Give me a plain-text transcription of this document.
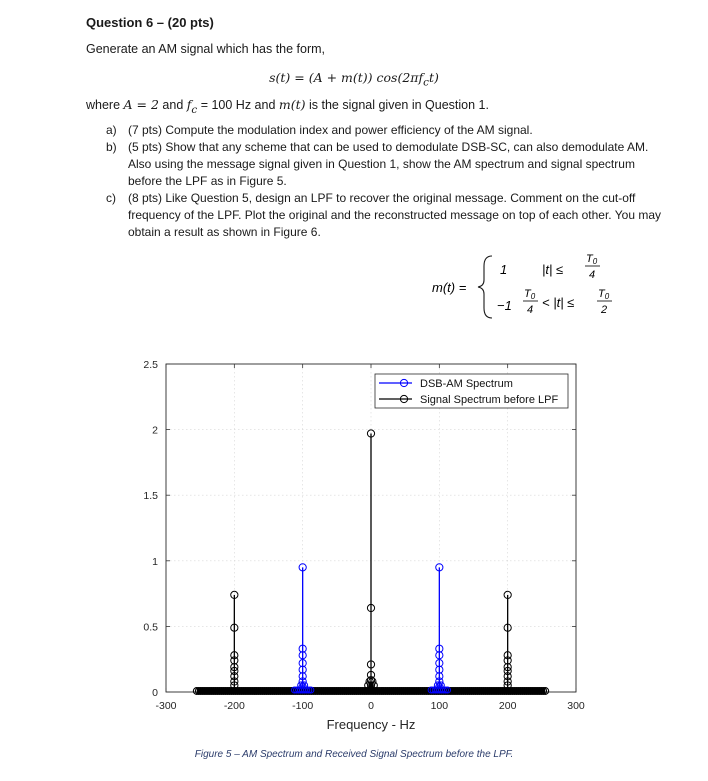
Question 6 – (20 pts)
Generate an AM signal which has the form,
s(t) = (A + m(t)) $\cos(2\pi f_ct)$
where A = 2 and $f_c = 100$ Hz and m(t) is the signal given in Question 1.
a) (7 pts) Compute the modulation index and power efficiency of the AM signal.
b) (5 pts) Show that any scheme that can be used to demodulate DSB-SC, can also demodulate AM. Also using the message signal given in Question 1, show the AM spectrum and signal spectrum before the LPF as in Figure 5.
c)	(8 pts) Like Question 5, design an LPF to recover the original message. Comment on the cut-off frequency of the LPF. Plot the original and the reconstructed message on top of each other. You may obtain a result as shown in Figure 6.
m(t) =
1	|t| ≤
T0
4
−1
T0
4 < |t| ≤
T0
2
-300	-200	-100	0	100	200	300
0
0.5
1
1.5
2
2.5
Frequency - Hz
DSB-AM Spectrum
Signal Spectrum before LPF
Figure 5 – AM Spectrum and Received Signal Spectrum before the LPF.
